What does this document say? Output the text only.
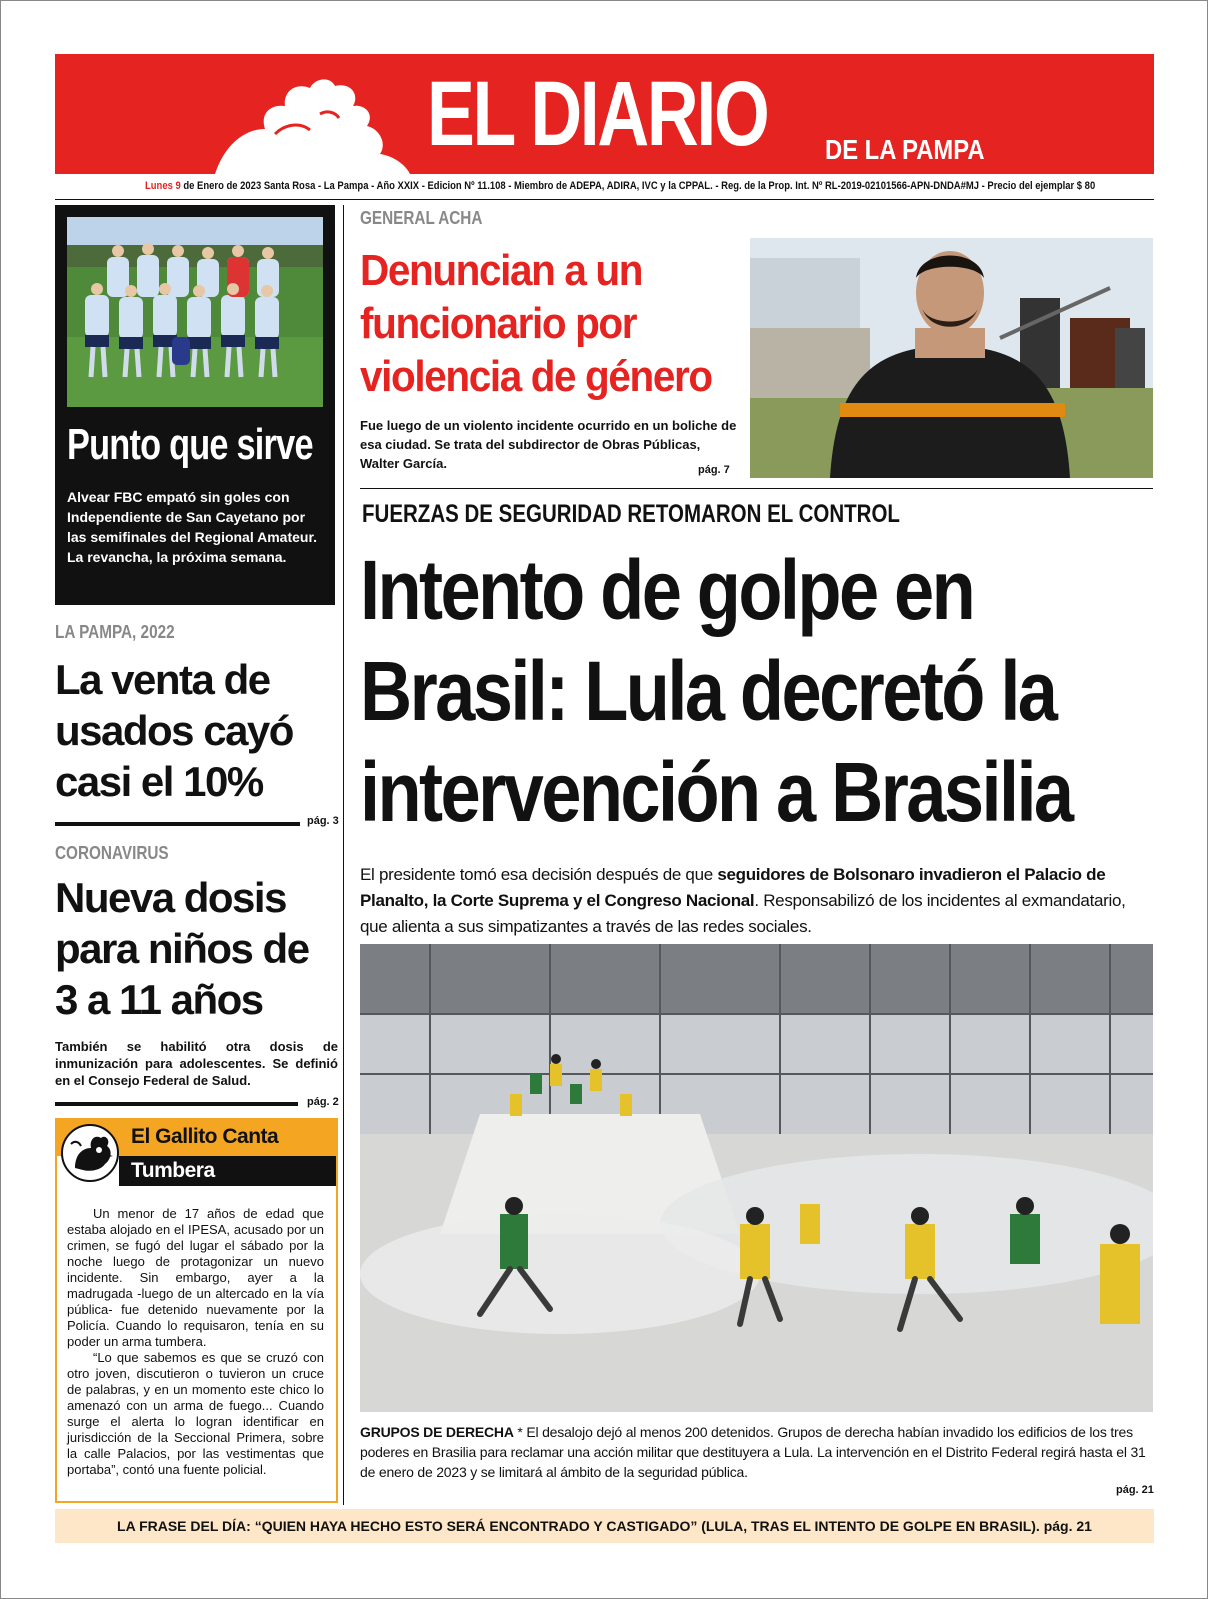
EL DIARIO DE LA PAMPA
Lunes 9 de Enero de 2023 Santa Rosa - La Pampa - Año XXIX - Edicion Nº 11.108 - Miembro de ADEPA, ADIRA, IVC y la CPPAL. - Reg. de la Prop. Int. Nº RL-2019-02101566-APN-DNDA#MJ - Precio del ejemplar $ 80
Punto que sirve
Alvear FBC empató sin goles con Independiente de San Cayetano por las semifinales del Regional Amateur. La revancha, la próxima semana.
LA PAMPA, 2022
La venta de usados cayó casi el 10%
pág. 3
CORONAVIRUS
Nueva dosis para niños de 3 a 11 años
También se habilitó otra dosis de inmunización para adolescentes. Se definió en el Consejo Federal de Salud.
pág. 2
El Gallito Canta
Tumbera

Un menor de 17 años de edad que estaba alojado en el IPESA, acusado por un crimen, se fugó del lugar el sábado por la noche luego de protagonizar un nuevo incidente. Sin embargo, ayer a la madrugada -luego de un altercado en la vía pública- fue detenido nuevamente por la Policía. Cuando lo requisaron, tenía en su poder un arma tumbera.

“Lo que sabemos es que se cruzó con otro joven, discutieron o tuvieron un cruce de palabras, y en un momento este chico lo amenazó con un arma de fuego... Cuando surge el alerta lo logran identificar en jurisdicción de la Seccional Primera, sobre la calle Palacios, por las vestimentas que portaba”, contó una fuente policial.

GENERAL ACHA
Denuncian a un funcionario por violencia de género
Fue luego de un violento incidente ocurrido en un boliche de esa ciudad. Se trata del subdirector de Obras Públicas, Walter García.	pág. 7
FUERZAS DE SEGURIDAD RETOMARON EL CONTROL
Intento de golpe en
Brasil: Lula decretó la
intervención a Brasilia
El presidente tomó esa decisión después de que seguidores de Bolsonaro invadieron el Palacio de Planalto, la Corte Suprema y el Congreso Nacional. Responsabilizó de los incidentes al exmandatario, que alienta a sus simpatizantes a través de las redes sociales.
GRUPOS DE DERECHA * El desalojo dejó al menos 200 detenidos. Grupos de derecha habían invadido los edificios de los tres poderes en Brasilia para reclamar una acción militar que destituyera a Lula. La intervención en el Distrito Federal regirá hasta el 31 de enero de 2023 y se limitará al ámbito de la seguridad pública.
pág. 21
LA FRASE DEL DÍA: “QUIEN HAYA HECHO ESTO SERÁ ENCONTRADO Y CASTIGADO” (LULA, TRAS EL INTENTO DE GOLPE EN BRASIL). pág. 21
